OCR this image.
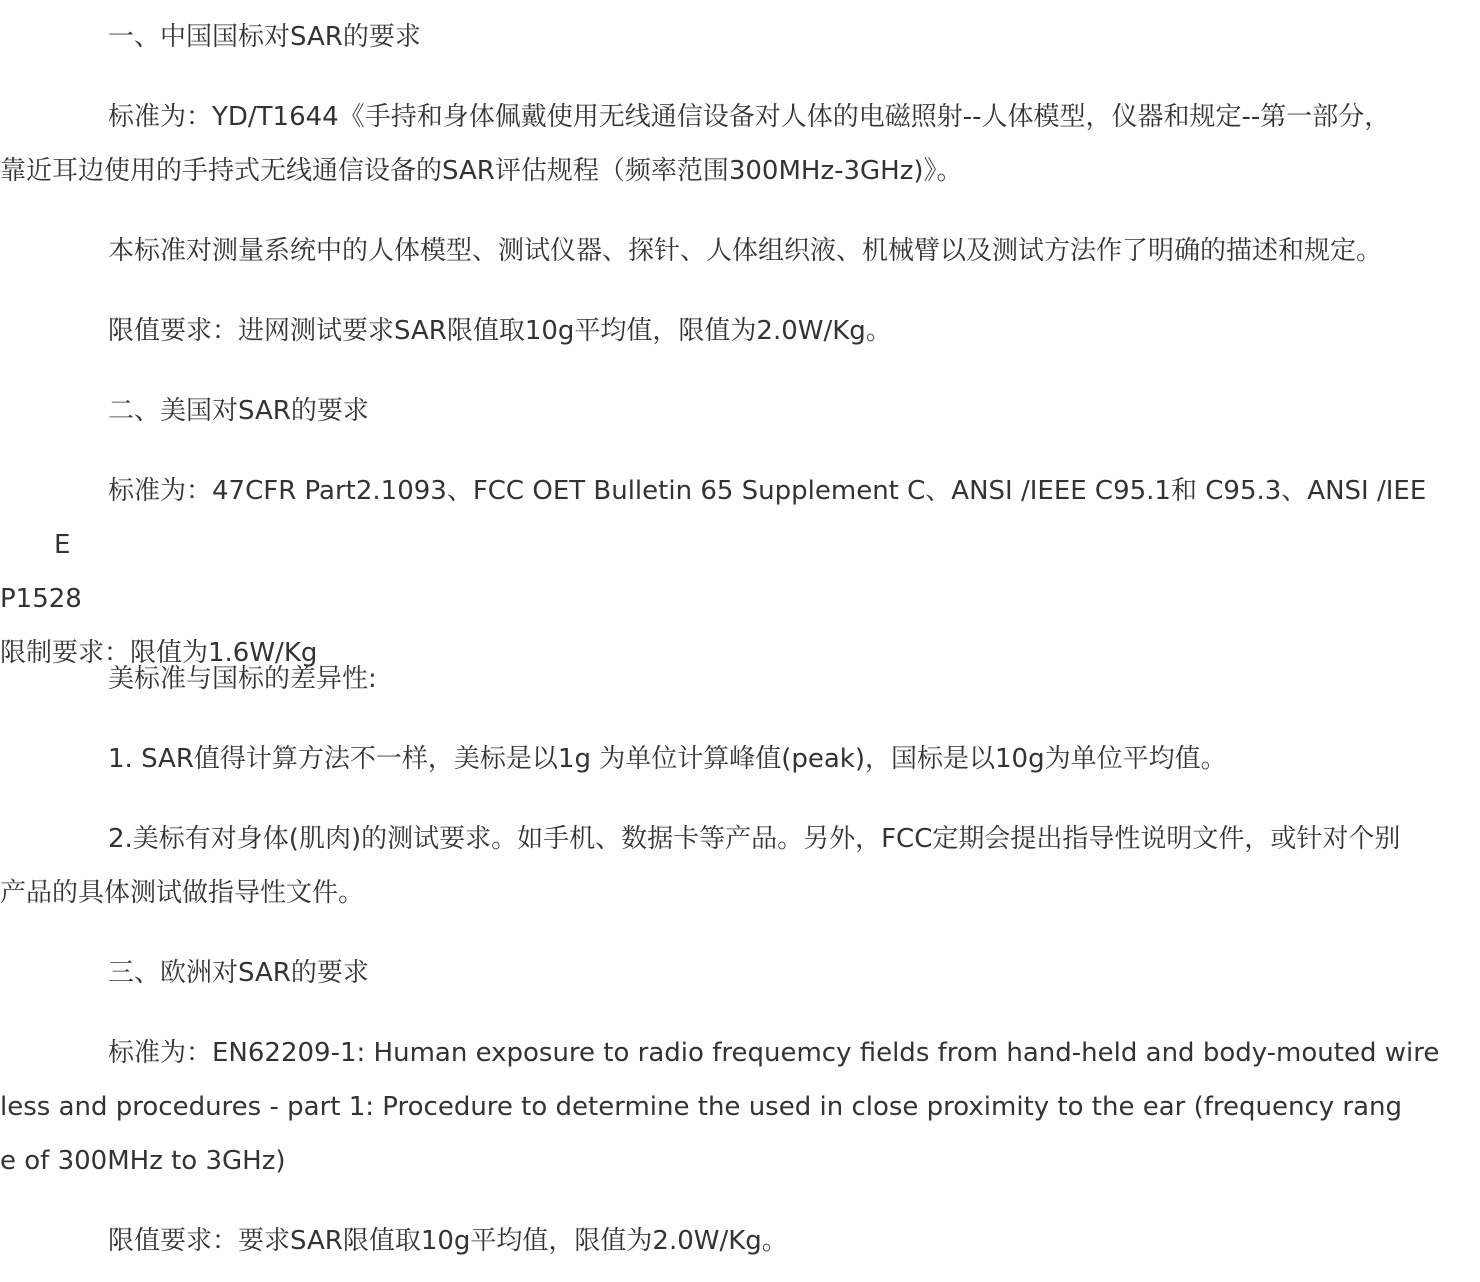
一、中国国标对SAR的要求

标准为：YD/T1644《手持和身体佩戴使用无线通信设备对人体的电磁照射--人体模型，仪器和规定--第一部分，
靠近耳边使用的手持式无线通信设备的SAR评估规程（频率范围300MHz-3GHz)》。

本标准对测量系统中的人体模型、测试仪器、探针、人体组织液、机械臂以及测试方法作了明确的描述和规定。

限值要求：进网测试要求SAR限值取10g平均值，限值为2.0W/Kg。

二、美国对SAR的要求

标准为：47CFR Part2.1093、FCC OET Bulletin 65 Supplement C、ANSI /IEEE C95.1和 C95.3、ANSI /IEEE
P1528
限制要求：限值为1.6W/Kg

美标准与国标的差异性:

1. SAR值得计算方法不一样，美标是以1g 为单位计算峰值(peak)，国标是以10g为单位平均值。

2.美标有对身体(肌肉)的测试要求。如手机、数据卡等产品。另外，FCC定期会提出指导性说明文件，或针对个别
产品的具体测试做指导性文件。

三、欧洲对SAR的要求

标准为：EN62209-1: Human exposure to radio frequemcy fields from hand-held and body-mouted wire
less and procedures - part 1: Procedure to determine the used in close proximity to the ear (frequency rang
e of 300MHz to 3GHz)

限值要求：要求SAR限值取10g平均值，限值为2.0W/Kg。
